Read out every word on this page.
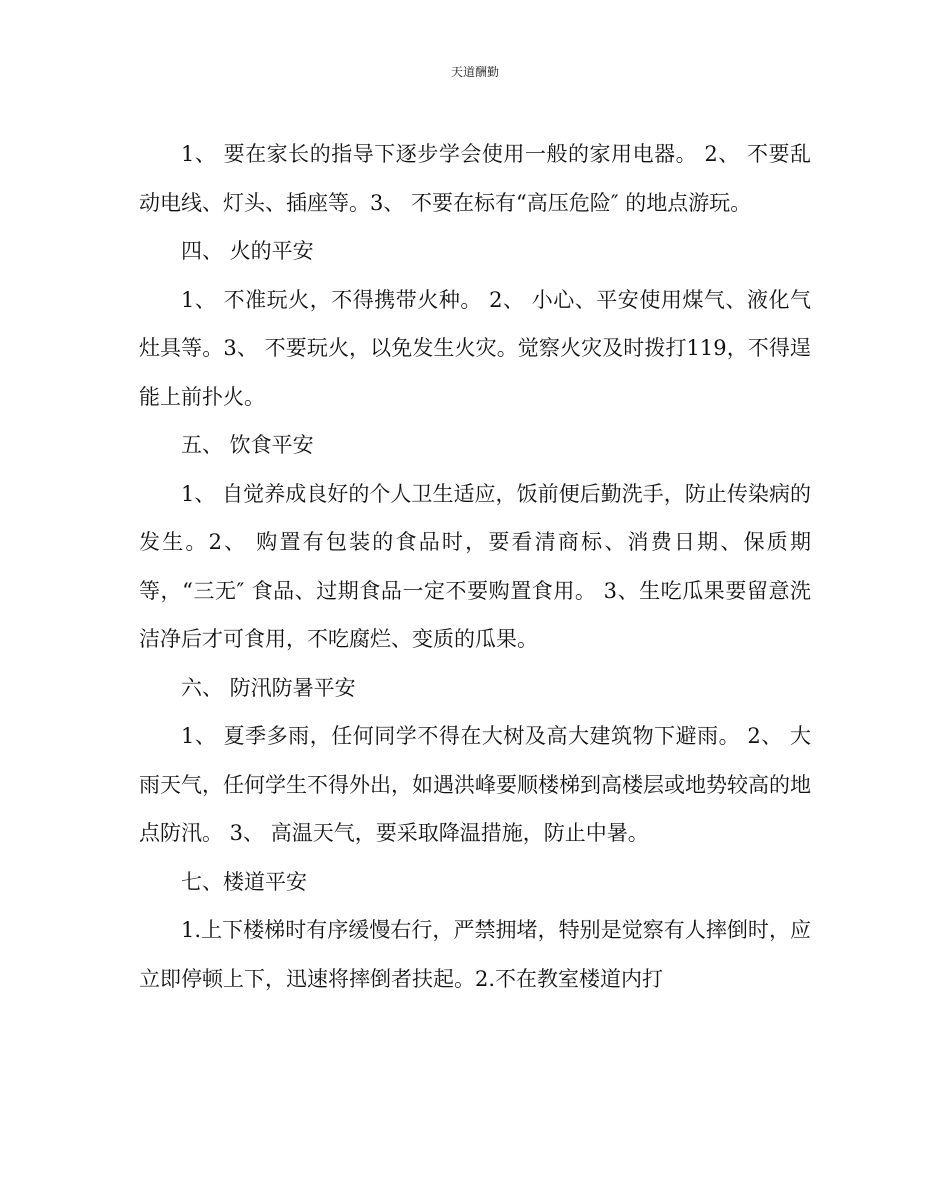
天道酬勤

1、 要在家长的指导下逐步学会使用一般的家用电器。 2、 不要乱动电线、灯头、插座等。3、 不要在标有“高压危险″ 的地点游玩。

四、 火的平安

1、 不准玩火，不得携带火种。 2、 小心、平安使用煤气、液化气灶具等。3、 不要玩火，以免发生火灾。觉察火灾及时拨打119，不得逞能上前扑火。

五、 饮食平安

1、 自觉养成良好的个人卫生适应，饭前便后勤洗手，防止传染病的发生。2、 购置有包装的食品时，要看清商标、消费日期、保质期等，“三无″ 食品、过期食品一定不要购置食用。 3、生吃瓜果要留意洗洁净后才可食用，不吃腐烂、变质的瓜果。

六、 防汛防暑平安

1、 夏季多雨，任何同学不得在大树及高大建筑物下避雨。 2、 大雨天气，任何学生不得外出，如遇洪峰要顺楼梯到高楼层或地势较高的地点防汛。 3、 高温天气，要采取降温措施，防止中暑。

七、楼道平安

1.上下楼梯时有序缓慢右行，严禁拥堵，特别是觉察有人摔倒时，应立即停顿上下，迅速将摔倒者扶起。2.不在教室楼道内打
